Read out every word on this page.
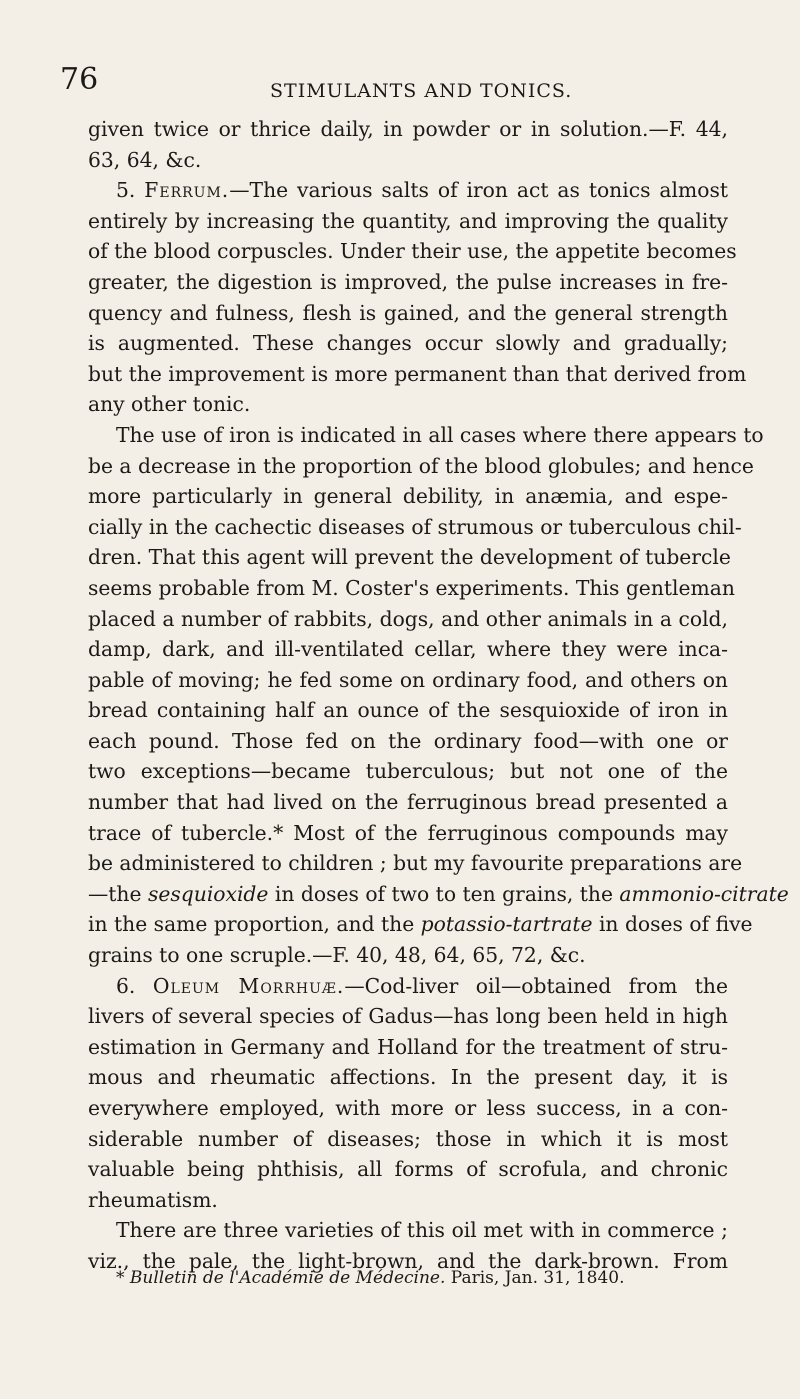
76	STIMULANTS AND TONICS.
given twice or thrice daily, in powder or in solution.—F. 44,
63, 64, &c.
5. Ferrum.—The various salts of iron act as tonics almost
entirely by increasing the quantity, and improving the quality
of the blood corpuscles. Under their use, the appetite becomes
greater, the digestion is improved, the pulse increases in fre-
quency and fulness, flesh is gained, and the general strength
is augmented. These changes occur slowly and gradually;
but the improvement is more permanent than that derived from
any other tonic.
The use of iron is indicated in all cases where there appears to
be a decrease in the proportion of the blood globules; and hence
more particularly in general debility, in anæmia, and espe-
cially in the cachectic diseases of strumous or tuberculous chil-
dren. That this agent will prevent the development of tubercle
seems probable from M. Coster's experiments. This gentleman
placed a number of rabbits, dogs, and other animals in a cold,
damp, dark, and ill-ventilated cellar, where they were inca-
pable of moving; he fed some on ordinary food, and others on
bread containing half an ounce of the sesquioxide of iron in
each pound. Those fed on the ordinary food—with one or
two exceptions—became tuberculous; but not one of the
number that had lived on the ferruginous bread presented a
trace of tubercle.* Most of the ferruginous compounds may
be administered to children ; but my favourite preparations are
—the sesquioxide in doses of two to ten grains, the ammonio-citrate
in the same proportion, and the potassio-tartrate in doses of five
grains to one scruple.—F. 40, 48, 64, 65, 72, &c.
6. Oleum Morrhuæ.—Cod-liver oil—obtained from the
livers of several species of Gadus—has long been held in high
estimation in Germany and Holland for the treatment of stru-
mous and rheumatic affections. In the present day, it is
everywhere employed, with more or less success, in a con-
siderable number of diseases; those in which it is most
valuable being phthisis, all forms of scrofula, and chronic
rheumatism.
There are three varieties of this oil met with in commerce ;
viz., the pale, the light-brown, and the dark-brown. From
* Bulletin de l'Académie de Médecine. Paris, Jan. 31, 1840.
